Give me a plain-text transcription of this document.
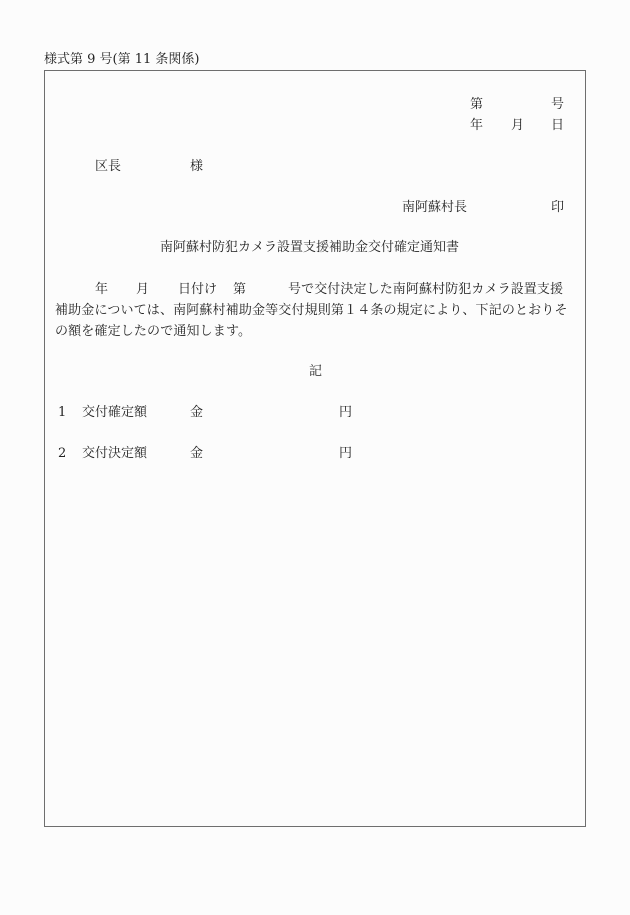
様式第 9 号(第 11 条関係)
第	号
年 月 日
区長	様
南阿蘇村長	印
南阿蘇村防犯カメラ設置支援補助金交付確定通知書
年 月 日付け 第	号で交付決定した南阿蘇村防犯カメラ設置支援
補助金については、南阿蘇村補助金等交付規則第１４条の規定により、下記のとおりそ
の額を確定したので通知します。
記
1 交付確定額	金	円
2 交付決定額	金	円
